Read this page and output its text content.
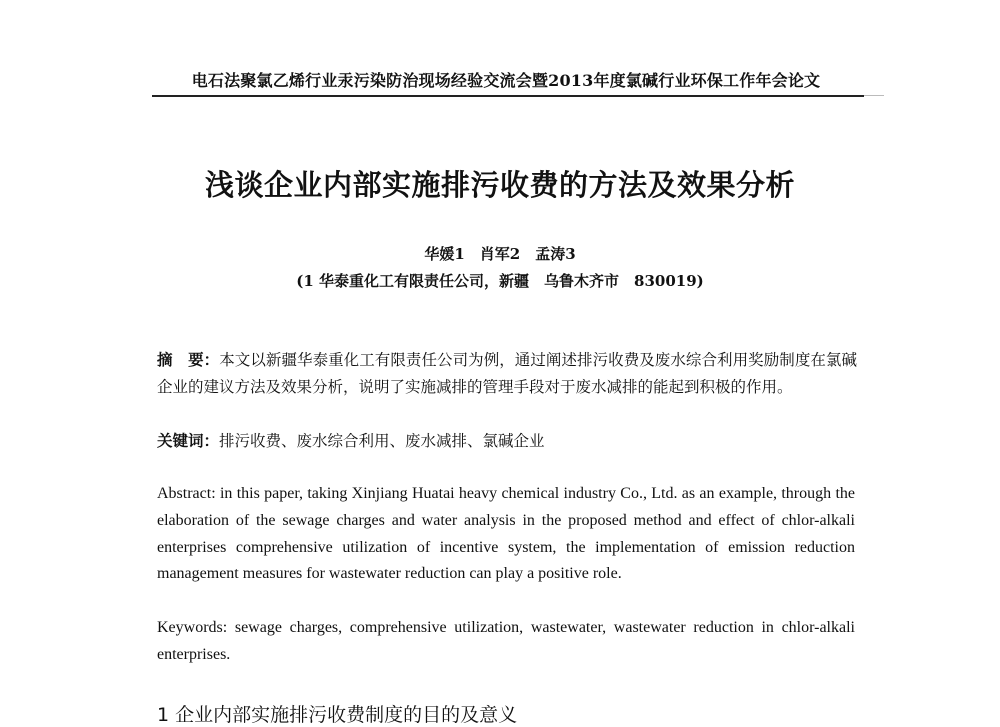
电石法聚氯乙烯行业汞污染防治现场经验交流会暨2013年度氯碱行业环保工作年会论文
浅谈企业内部实施排污收费的方法及效果分析
华媛1　肖军2　孟涛3
(1 华泰重化工有限责任公司，新疆　乌鲁木齐市　830019)
摘　要：本文以新疆华泰重化工有限责任公司为例，通过阐述排污收费及废水综合利用奖励制度在氯碱企业的建议方法及效果分析，说明了实施减排的管理手段对于废水减排的能起到积极的作用。
关键词：排污收费、废水综合利用、废水减排、氯碱企业
Abstract: in this paper, taking Xinjiang Huatai heavy chemical industry Co., Ltd. as an example, through the elaboration of the sewage charges and water analysis in the proposed method and effect of chlor-alkali enterprises comprehensive utilization of incentive system, the implementation of emission reduction management measures for wastewater reduction can play a positive role.
Keywords: sewage charges, comprehensive utilization, wastewater, wastewater reduction in chlor-alkali enterprises.
1 企业内部实施排污收费制度的目的及意义
